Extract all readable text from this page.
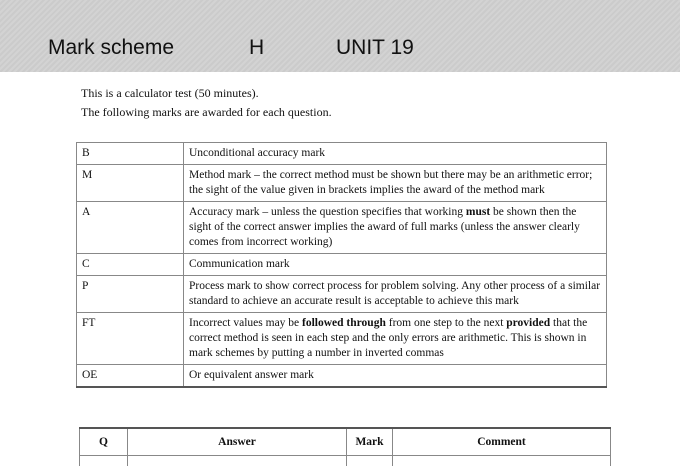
Mark scheme	H	UNIT 19
This is a calculator test (50 minutes).
The following marks are awarded for each question.
B	Unconditional accuracy mark
M	Method mark – the correct method must be shown but there may be an arithmetic error; the sight of the value given in brackets implies the award of the method mark
A	Accuracy mark – unless the question specifies that working must be shown then the sight of the correct answer implies the award of full marks (unless the answer clearly comes from incorrect working)
C	Communication mark
P	Process mark to show correct process for problem solving. Any other process of a similar standard to achieve an accurate result is acceptable to achieve this mark
FT	Incorrect values may be followed through from one step to the next provided that the correct method is seen in each step and the only errors are arithmetic. This is shown in mark schemes by putting a number in inverted commas
OE	Or equivalent answer mark
Q	Answer	Mark	Comment
